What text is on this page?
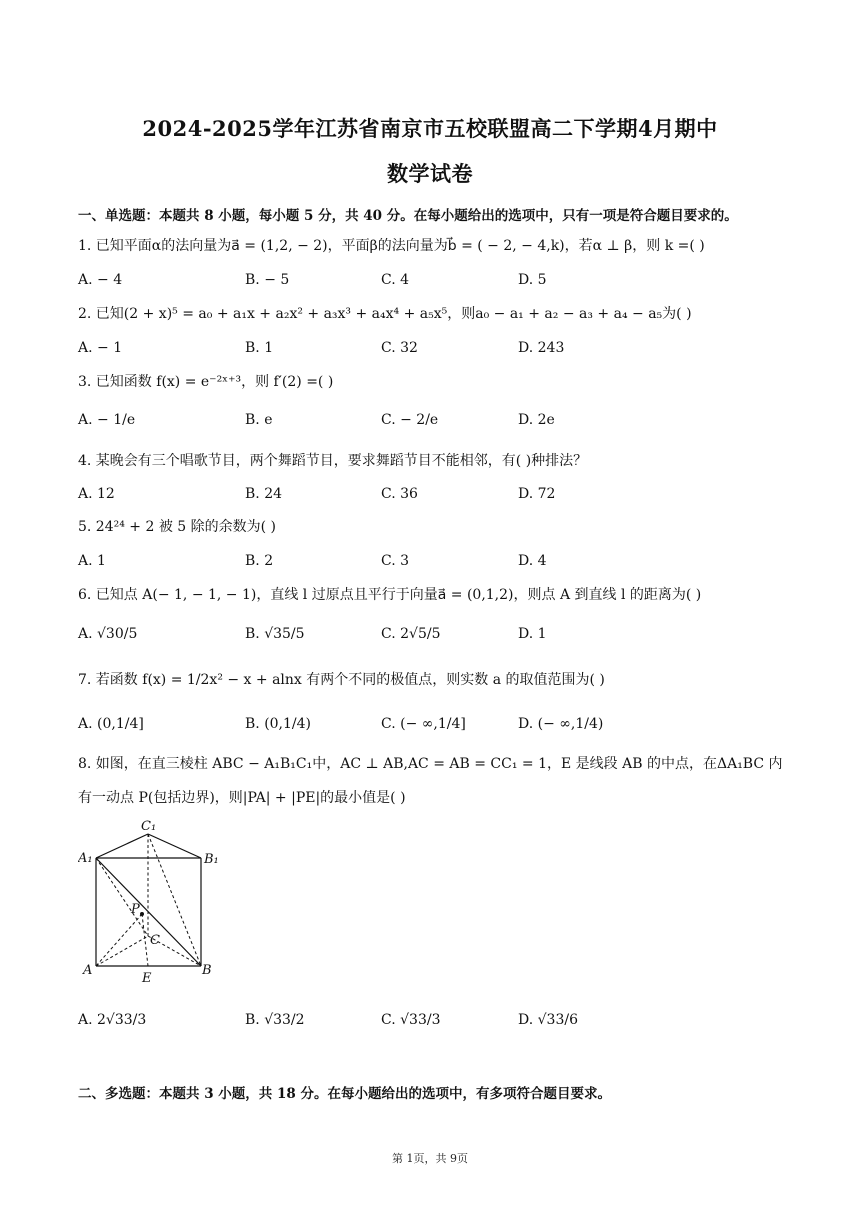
2024-2025学年江苏省南京市五校联盟高二下学期4月期中
数学试卷
一、单选题：本题共 8 小题，每小题 5 分，共 40 分。在每小题给出的选项中，只有一项是符合题目要求的。
1. 已知平面α的法向量为a⃗ = (1,2, − 2)，平面β的法向量为b⃗ = ( − 2, − 4,k)，若α ⊥ β，则 k =( )
A. − 4	B. − 5	C. 4	D. 5
2. 已知(2 + x)⁵ = a₀ + a₁x + a₂x² + a₃x³ + a₄x⁴ + a₅x⁵，则a₀ − a₁ + a₂ − a₃ + a₄ − a₅为( )
A. − 1	B. 1	C. 32	D. 243
3. 已知函数 f(x) = e⁻²ˣ⁺³，则 f′(2) =( )
A. − 1/e	B. e	C. − 2/e	D. 2e
4. 某晚会有三个唱歌节目，两个舞蹈节目，要求舞蹈节目不能相邻，有( )种排法？
A. 12	B. 24	C. 36	D. 72
5. 24²⁴ + 2 被 5 除的余数为( )
A. 1	B. 2	C. 3	D. 4
6. 已知点 A(− 1, − 1, − 1)，直线 l 过原点且平行于向量a⃗ = (0,1,2)，则点 A 到直线 l 的距离为( )
A. √30/5	B. √35/5	C. 2√5/5	D. 1
7. 若函数 f(x) = 1/2x² − x + alnx 有两个不同的极值点，则实数 a 的取值范围为( )
A. (0,1/4]	B. (0,1/4)	C. (− ∞,1/4]	D. (− ∞,1/4)
8. 如图，在直三棱柱 ABC − A₁B₁C₁中，AC ⊥ AB,AC = AB = CC₁ = 1，E 是线段 AB 的中点，在ΔA₁BC 内
有一动点 P(包括边界)，则|PA| + |PE|的最小值是( )
C₁
A₁	B₁
P
C
A
E
B
A. 2√33/3	B. √33/2	C. √33/3	D. √33/6
二、多选题：本题共 3 小题，共 18 分。在每小题给出的选项中，有多项符合题目要求。
第 1页，共 9页
